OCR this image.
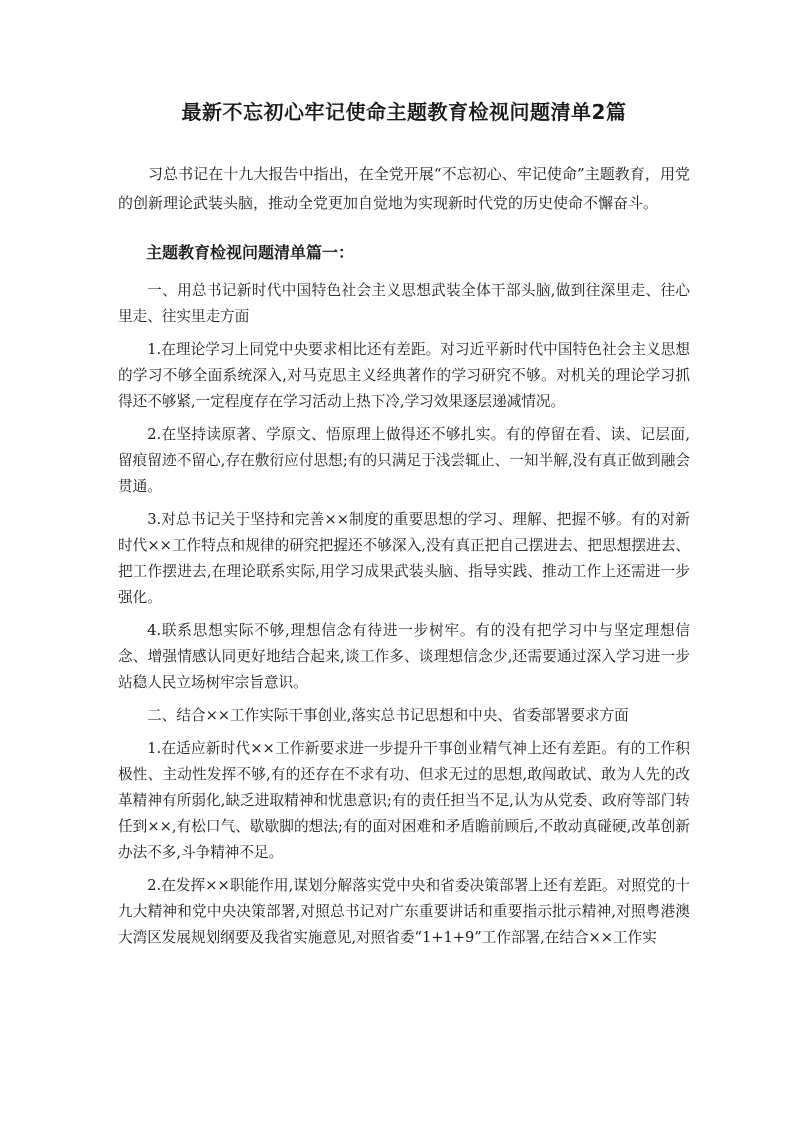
最新不忘初心牢记使命主题教育检视问题清单2篇

习总书记在十九大报告中指出，在全党开展“不忘初心、牢记使命”主题教育，用党的创新理论武装头脑，推动全党更加自觉地为实现新时代党的历史使命不懈奋斗。

主题教育检视问题清单篇一：

一、用总书记新时代中国特色社会主义思想武装全体干部头脑,做到往深里走、往心里走、往实里走方面

1.在理论学习上同党中央要求相比还有差距。对习近平新时代中国特色社会主义思想的学习不够全面系统深入,对马克思主义经典著作的学习研究不够。对机关的理论学习抓得还不够紧,一定程度存在学习活动上热下冷,学习效果逐层递减情况。

2.在坚持读原著、学原文、悟原理上做得还不够扎实。有的停留在看、读、记层面,留痕留迹不留心,存在敷衍应付思想;有的只满足于浅尝辄止、一知半解,没有真正做到融会贯通。

3.对总书记关于坚持和完善××制度的重要思想的学习、理解、把握不够。有的对新时代××工作特点和规律的研究把握还不够深入,没有真正把自己摆进去、把思想摆进去、把工作摆进去,在理论联系实际,用学习成果武装头脑、指导实践、推动工作上还需进一步强化。

4.联系思想实际不够,理想信念有待进一步树牢。有的没有把学习中与坚定理想信念、增强情感认同更好地结合起来,谈工作多、谈理想信念少,还需要通过深入学习进一步站稳人民立场树牢宗旨意识。

二、结合××工作实际干事创业,落实总书记思想和中央、省委部署要求方面

1.在适应新时代××工作新要求进一步提升干事创业精气神上还有差距。有的工作积极性、主动性发挥不够,有的还存在不求有功、但求无过的思想,敢闯敢试、敢为人先的改革精神有所弱化,缺乏进取精神和忧患意识;有的责任担当不足,认为从党委、政府等部门转任到××,有松口气、歇歇脚的想法;有的面对困难和矛盾瞻前顾后,不敢动真碰硬,改革创新办法不多,斗争精神不足。

2.在发挥××职能作用,谋划分解落实党中央和省委决策部署上还有差距。对照党的十九大精神和党中央决策部署,对照总书记对广东重要讲话和重要指示批示精神,对照粤港澳大湾区发展规划纲要及我省实施意见,对照省委“1+1+9”工作部署,在结合××工作实
